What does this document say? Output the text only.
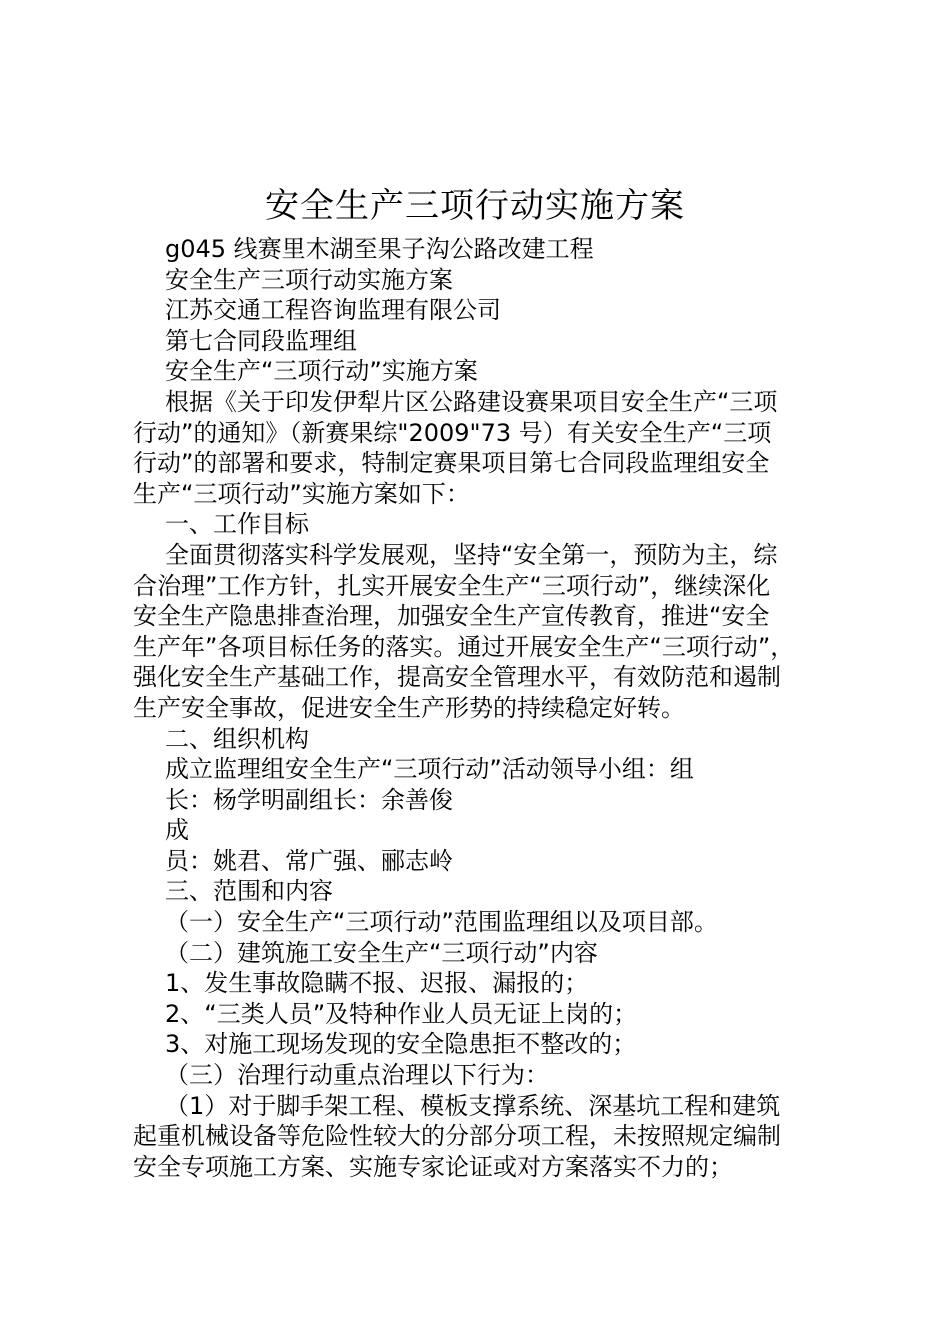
安全生产三项行动实施方案
g045 线赛里木湖至果子沟公路改建工程
安全生产三项行动实施方案
江苏交通工程咨询监理有限公司
第七合同段监理组
安全生产“三项行动”实施方案
根据《关于印发伊犁片区公路建设赛果项目安全生产“三项
行动”的通知》（新赛果综"2009"73 号）有关安全生产“三项
行动”的部署和要求，特制定赛果项目第七合同段监理组安全
生产“三项行动”实施方案如下：
一、工作目标
全面贯彻落实科学发展观，坚持“安全第一，预防为主，综
合治理”工作方针，扎实开展安全生产“三项行动”，继续深化
安全生产隐患排查治理，加强安全生产宣传教育，推进“安全
生产年”各项目标任务的落实。通过开展安全生产“三项行动”，
强化安全生产基础工作，提高安全管理水平，有效防范和遏制
生产安全事故，促进安全生产形势的持续稳定好转。
二、组织机构
成立监理组安全生产“三项行动”活动领导小组：组
长：杨学明副组长：余善俊
成
员：姚君、常广强、郦志岭
三、范围和内容
（一）安全生产“三项行动”范围监理组以及项目部。
（二）建筑施工安全生产“三项行动”内容
1、发生事故隐瞒不报、迟报、漏报的；
2、“三类人员”及特种作业人员无证上岗的；
3、对施工现场发现的安全隐患拒不整改的；
（三）治理行动重点治理以下行为：
（1）对于脚手架工程、模板支撑系统、深基坑工程和建筑
起重机械设备等危险性较大的分部分项工程，未按照规定编制
安全专项施工方案、实施专家论证或对方案落实不力的；
